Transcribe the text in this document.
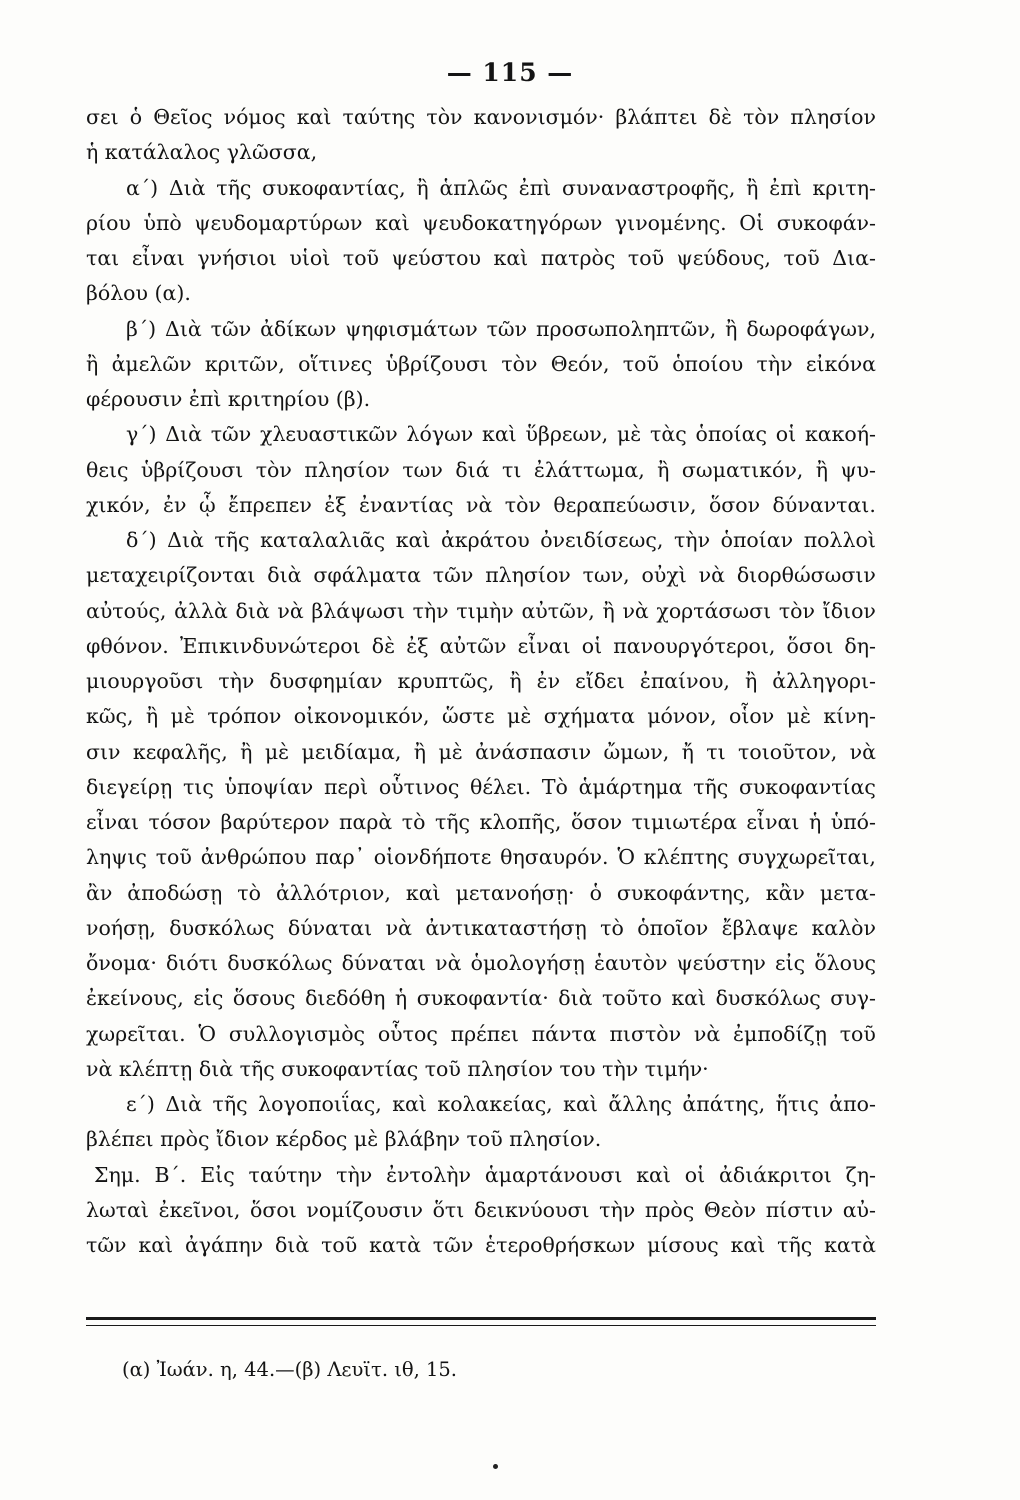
— 115 —
σει ὁ Θεῖος νόμος καὶ ταύτης τὸν κανονισμόν· βλάπτει δὲ τὸν πλησίον
ἡ κατάλαλος γλῶσσα,
α΄) Διὰ τῆς συκοφαντίας, ἢ ἁπλῶς ἐπὶ συναναστροφῆς, ἢ ἐπὶ κριτη-
ρίου ὑπὸ ψευδομαρτύρων καὶ ψευδοκατηγόρων γινομένης. Οἱ συκοφάν-
ται εἶναι γνήσιοι υἱοὶ τοῦ ψεύστου καὶ πατρὸς τοῦ ψεύδους, τοῦ Δια-
βόλου (α).
β΄) Διὰ τῶν ἀδίκων ψηφισμάτων τῶν προσωποληπτῶν, ἢ δωροφάγων,
ἢ ἀμελῶν κριτῶν, οἵτινες ὑβρίζουσι τὸν Θεόν, τοῦ ὁποίου τὴν εἰκόνα
φέρουσιν ἐπὶ κριτηρίου (β).
γ΄) Διὰ τῶν χλευαστικῶν λόγων καὶ ὕβρεων, μὲ τὰς ὁποίας οἱ κακοή-
θεις ὑβρίζουσι τὸν πλησίον των διά τι ἐλάττωμα, ἢ σωματικόν, ἢ ψυ-
χικόν, ἐν ᾧ ἔπρεπεν ἐξ ἐναντίας νὰ τὸν θεραπεύωσιν, ὅσον δύνανται.
δ΄) Διὰ τῆς καταλαλιᾶς καὶ ἀκράτου ὀνειδίσεως, τὴν ὁποίαν πολλοὶ
μεταχειρίζονται διὰ σφάλματα τῶν πλησίον των, οὐχὶ νὰ διορθώσωσιν
αὐτούς, ἀλλὰ διὰ νὰ βλάψωσι τὴν τιμὴν αὐτῶν, ἢ νὰ χορτάσωσι τὸν ἴδιον
φθόνον. Ἐπικινδυνώτεροι δὲ ἐξ αὐτῶν εἶναι οἱ πανουργότεροι, ὅσοι δη-
μιουργοῦσι τὴν δυσφημίαν κρυπτῶς, ἢ ἐν εἴδει ἐπαίνου, ἢ ἀλληγορι-
κῶς, ἢ μὲ τρόπον οἰκονομικόν, ὥστε μὲ σχήματα μόνον, οἷον μὲ κίνη-
σιν κεφαλῆς, ἢ μὲ μειδίαμα, ἢ μὲ ἀνάσπασιν ὤμων, ἤ τι τοιοῦτον, νὰ
διεγείρῃ τις ὑποψίαν περὶ οὗτινος θέλει. Τὸ ἁμάρτημα τῆς συκοφαντίας
εἶναι τόσον βαρύτερον παρὰ τὸ τῆς κλοπῆς, ὅσον τιμιωτέρα εἶναι ἡ ὑπό-
ληψις τοῦ ἀνθρώπου παρ᾽ οἱονδήποτε θησαυρόν. Ὁ κλέπτης συγχωρεῖται,
ἂν ἀποδώσῃ τὸ ἀλλότριον, καὶ μετανοήσῃ· ὁ συκοφάντης, κἂν μετα-
νοήσῃ, δυσκόλως δύναται νὰ ἀντικαταστήσῃ τὸ ὁποῖον ἔβλαψε καλὸν
ὄνομα· διότι δυσκόλως δύναται νὰ ὁμολογήσῃ ἑαυτὸν ψεύστην εἰς ὅλους
ἐκείνους, εἰς ὅσους διεδόθη ἡ συκοφαντία· διὰ τοῦτο καὶ δυσκόλως συγ-
χωρεῖται. Ὁ συλλογισμὸς οὗτος πρέπει πάντα πιστὸν νὰ ἐμποδίζῃ τοῦ
νὰ κλέπτῃ διὰ τῆς συκοφαντίας τοῦ πλησίον του τὴν τιμήν·
ε΄) Διὰ τῆς λογοποιΐας, καὶ κολακείας, καὶ ἄλλης ἀπάτης, ἥτις ἀπο-
βλέπει πρὸς ἴδιον κέρδος μὲ βλάβην τοῦ πλησίον.
Σημ. Β΄. Εἰς ταύτην τὴν ἐντολὴν ἁμαρτάνουσι καὶ οἱ ἀδιάκριτοι ζη-
λωταὶ ἐκεῖνοι, ὅσοι νομίζουσιν ὅτι δεικνύουσι τὴν πρὸς Θεὸν πίστιν αὐ-
τῶν καὶ ἀγάπην διὰ τοῦ κατὰ τῶν ἑτεροθρήσκων μίσους καὶ τῆς κατὰ
(α) Ἰωάν. η, 44.—(β) Λευϊτ. ιθ, 15.
